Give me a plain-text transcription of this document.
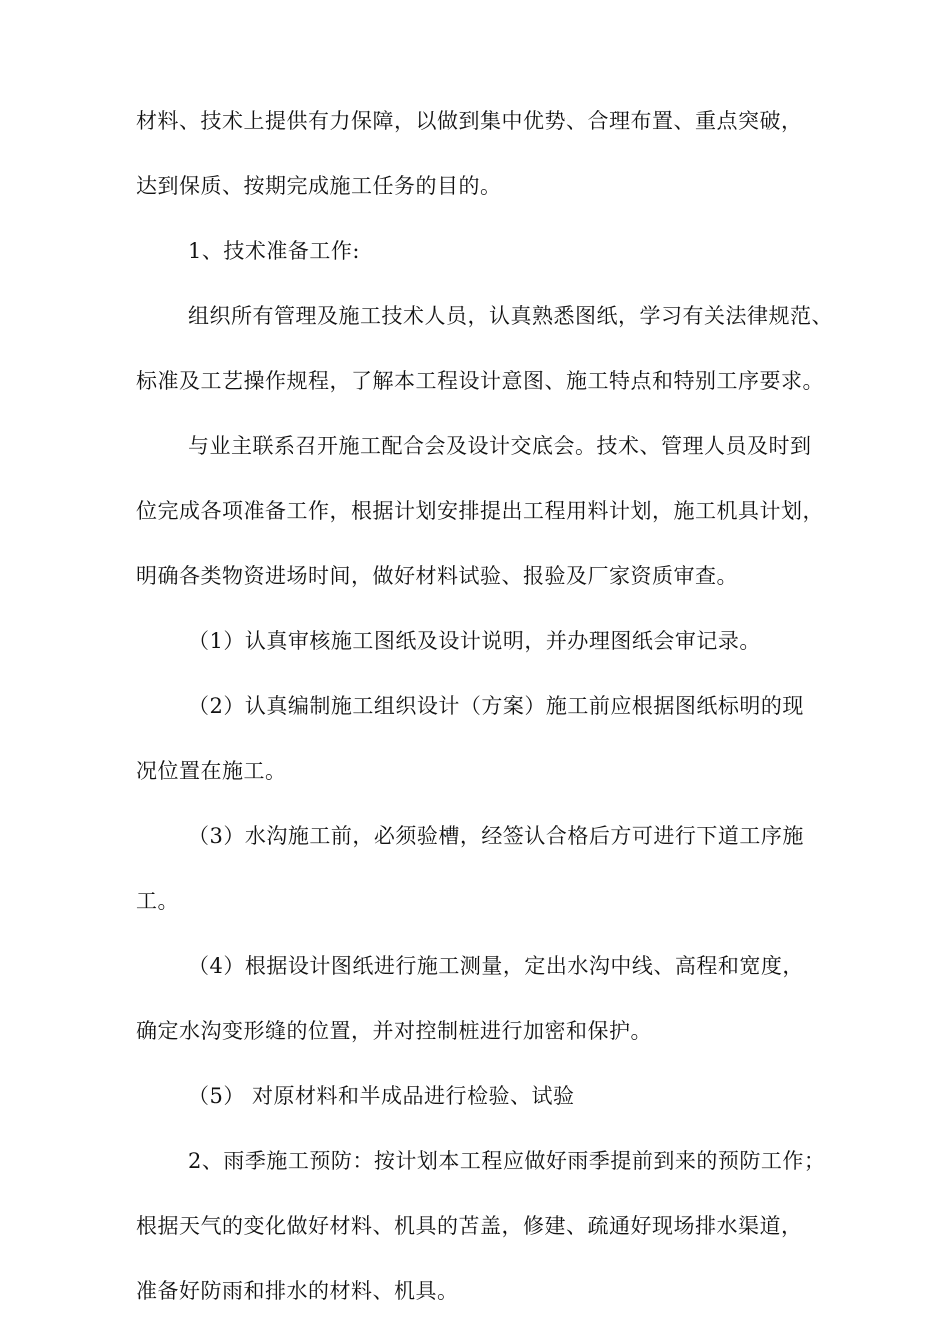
材料、技术上提供有力保障，以做到集中优势、合理布置、重点突破，
达到保质、按期完成施工任务的目的。
1、技术准备工作:
组织所有管理及施工技术人员，认真熟悉图纸，学习有关法律规范、
标准及工艺操作规程，了解本工程设计意图、施工特点和特别工序要求。
与业主联系召开施工配合会及设计交底会。技术、管理人员及时到
位完成各项准备工作，根据计划安排提出工程用料计划，施工机具计划，
明确各类物资进场时间，做好材料试验、报验及厂家资质审查。
（1）认真审核施工图纸及设计说明，并办理图纸会审记录。
（2）认真编制施工组织设计（方案）施工前应根据图纸标明的现
况位置在施工。
（3）水沟施工前，必须验槽，经签认合格后方可进行下道工序施
工。
（4）根据设计图纸进行施工测量，定出水沟中线、高程和宽度，
确定水沟变形缝的位置，并对控制桩进行加密和保护。
（5） 对原材料和半成品进行检验、试验
2、雨季施工预防：按计划本工程应做好雨季提前到来的预防工作；
根据天气的变化做好材料、机具的苫盖，修建、疏通好现场排水渠道，
准备好防雨和排水的材料、机具。
